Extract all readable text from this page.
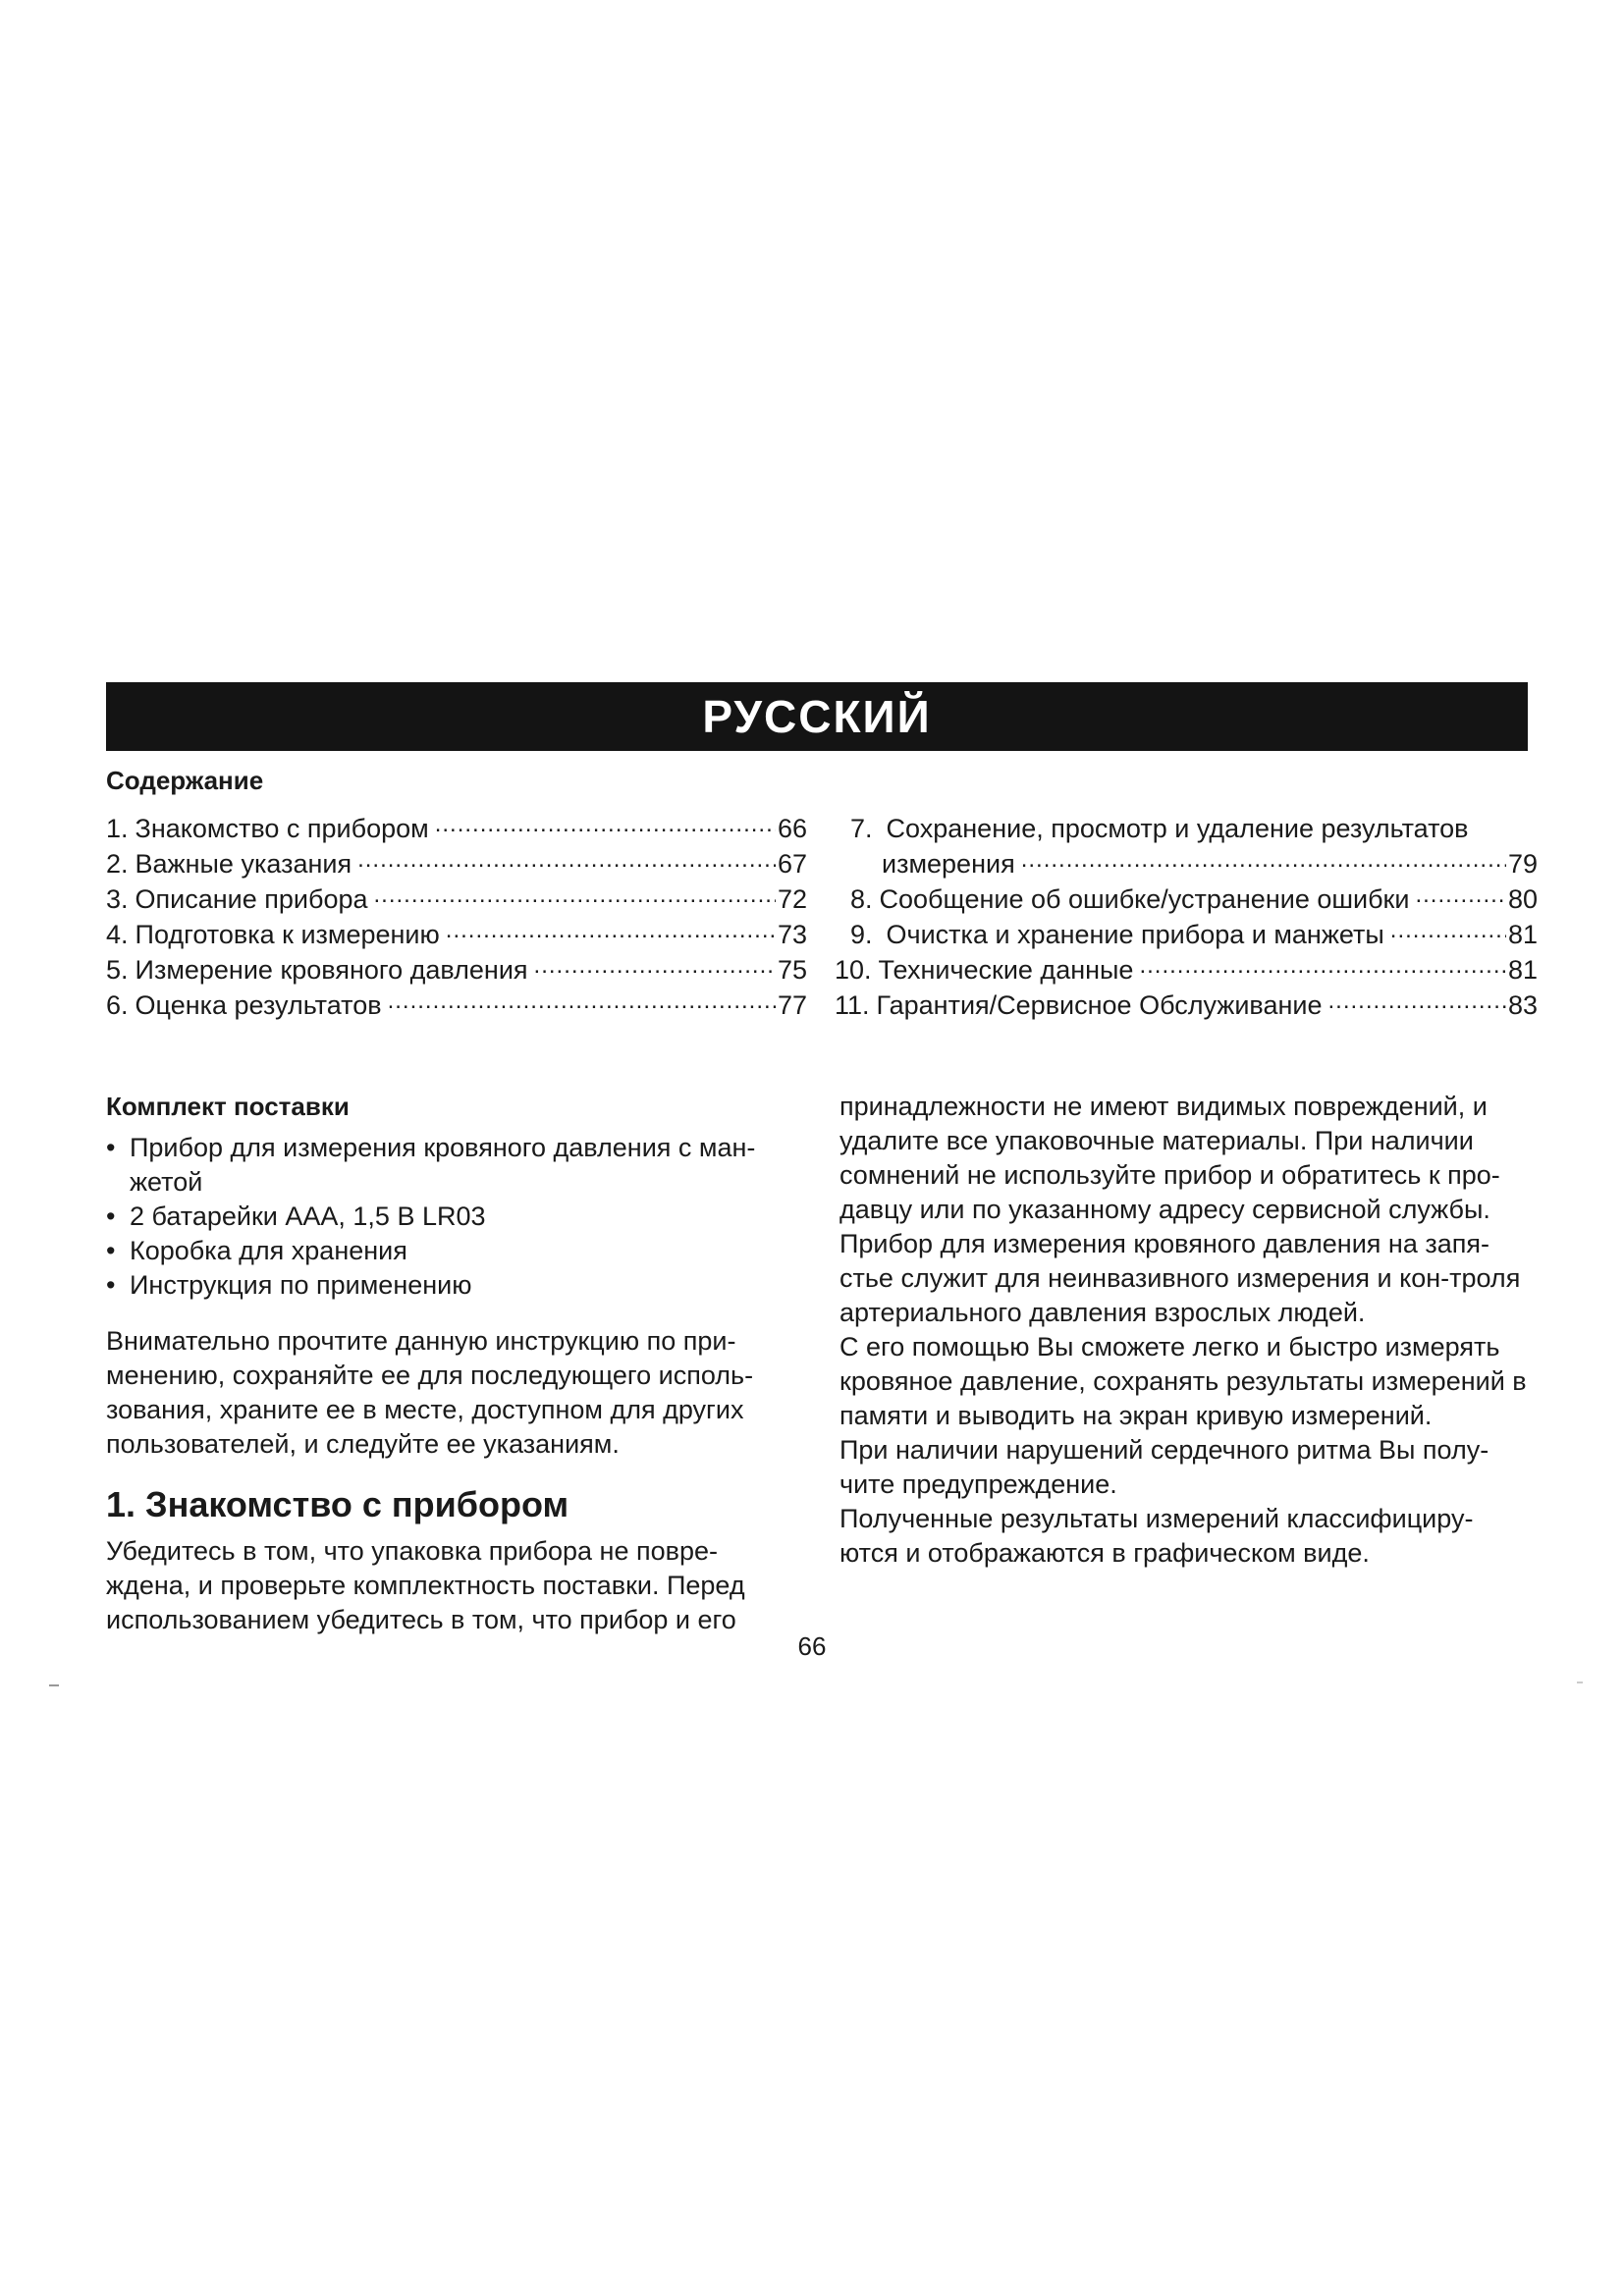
РУССКИЙ
Содержание
1. Знакомство с прибором .....	66
2. Важные указания .....	67
3. Описание прибора .....	72
4. Подготовка к измерению .....	73
5. Измерение кровяного давления .....	75
6. Оценка результатов .....	77
7. Сохранение, просмотр и удаление результатов
измерения .....	79
8. Сообщение об ошибке/устранение ошибки .....	80
9. Очистка и хранение прибора и манжеты .....	81
10. Технические данные .....	81
11. Гарантия/Сервисное Обслуживание .....	83
Комплект поставки
• Прибор для измерения кровяного давления с ман-
жетой
• 2 батарейки AAA, 1,5 В LR03
• Коробка для хранения
• Инструкция по применению

Внимательно прочтите данную инструкцию по при-менению, сохраняйте ее для последующего исполь-зования, храните ее в месте, доступном для других пользователей, и следуйте ее указаниям.

1. Знакомство с прибором

Убедитесь в том, что упаковка прибора не повре-ждена, и проверьте комплектность поставки. Перед использованием убедитесь в том, что прибор и его

принадлежности не имеют видимых повреждений, и удалите все упаковочные материалы. При наличии сомнений не используйте прибор и обратитесь к про-давцу или по указанному адресу сервисной службы.

Прибор для измерения кровяного давления на запя-стье служит для неинвазивного измерения и кон-троля артериального давления взрослых людей.

С его помощью Вы сможете легко и быстро измерять кровяное давление, сохранять результаты измерений в памяти и выводить на экран кривую измерений.

При наличии нарушений сердечного ритма Вы полу-чите предупреждение.

Полученные результаты измерений классифициру-ются и отображаются в графическом виде.

66
